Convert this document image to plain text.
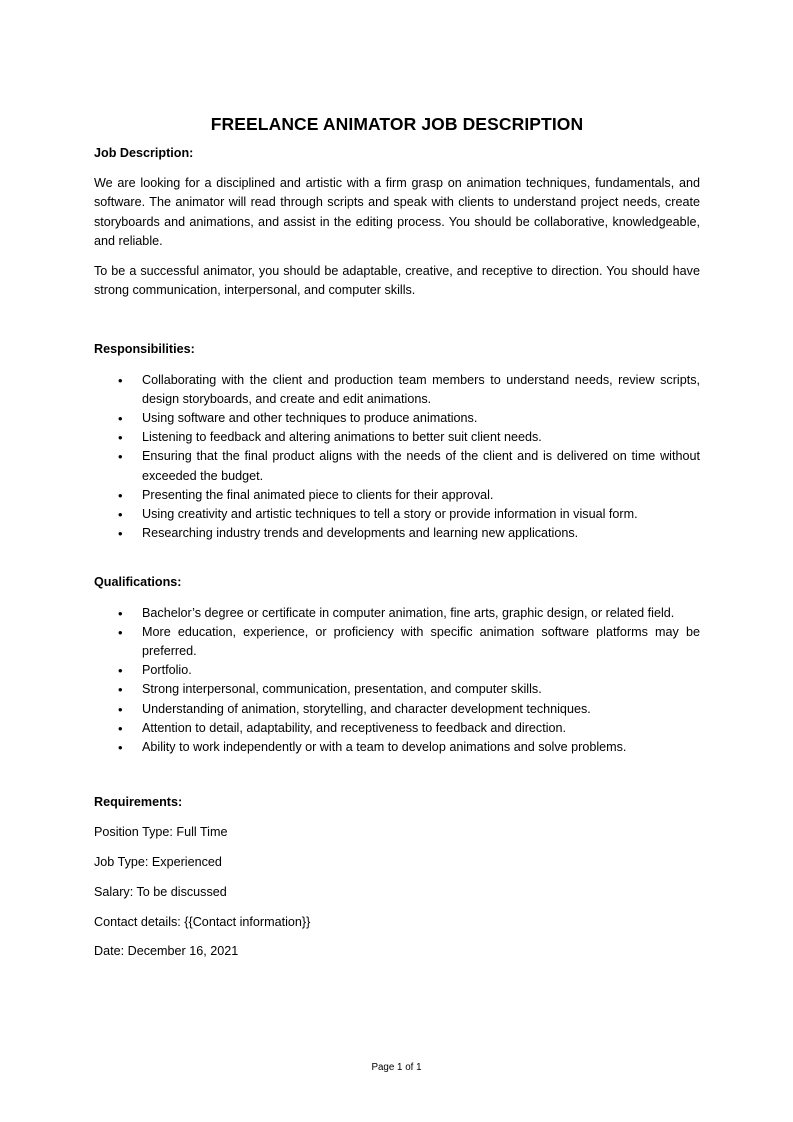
FREELANCE ANIMATOR JOB DESCRIPTION

Job Description:

We are looking for a disciplined and artistic with a firm grasp on animation techniques, fundamentals, and software. The animator will read through scripts and speak with clients to understand project needs, create storyboards and animations, and assist in the editing process. You should be collaborative, knowledgeable, and reliable.

To be a successful animator, you should be adaptable, creative, and receptive to direction. You should have strong communication, interpersonal, and computer skills.

Responsibilities:

• Collaborating with the client and production team members to understand needs, review scripts, design storyboards, and create and edit animations.
• Using software and other techniques to produce animations.
• Listening to feedback and altering animations to better suit client needs.
• Ensuring that the final product aligns with the needs of the client and is delivered on time without exceeded the budget.
• Presenting the final animated piece to clients for their approval.
• Using creativity and artistic techniques to tell a story or provide information in visual form.
• Researching industry trends and developments and learning new applications.

Qualifications:

• Bachelor’s degree or certificate in computer animation, fine arts, graphic design, or related field.
• More education, experience, or proficiency with specific animation software platforms may be preferred.
• Portfolio.
• Strong interpersonal, communication, presentation, and computer skills.
• Understanding of animation, storytelling, and character development techniques.
• Attention to detail, adaptability, and receptiveness to feedback and direction.
• Ability to work independently or with a team to develop animations and solve problems.

Requirements:

Position Type: Full Time

Job Type: Experienced

Salary: To be discussed

Contact details: {{Contact information}}

Date: December 16, 2021

Page 1 of 1
